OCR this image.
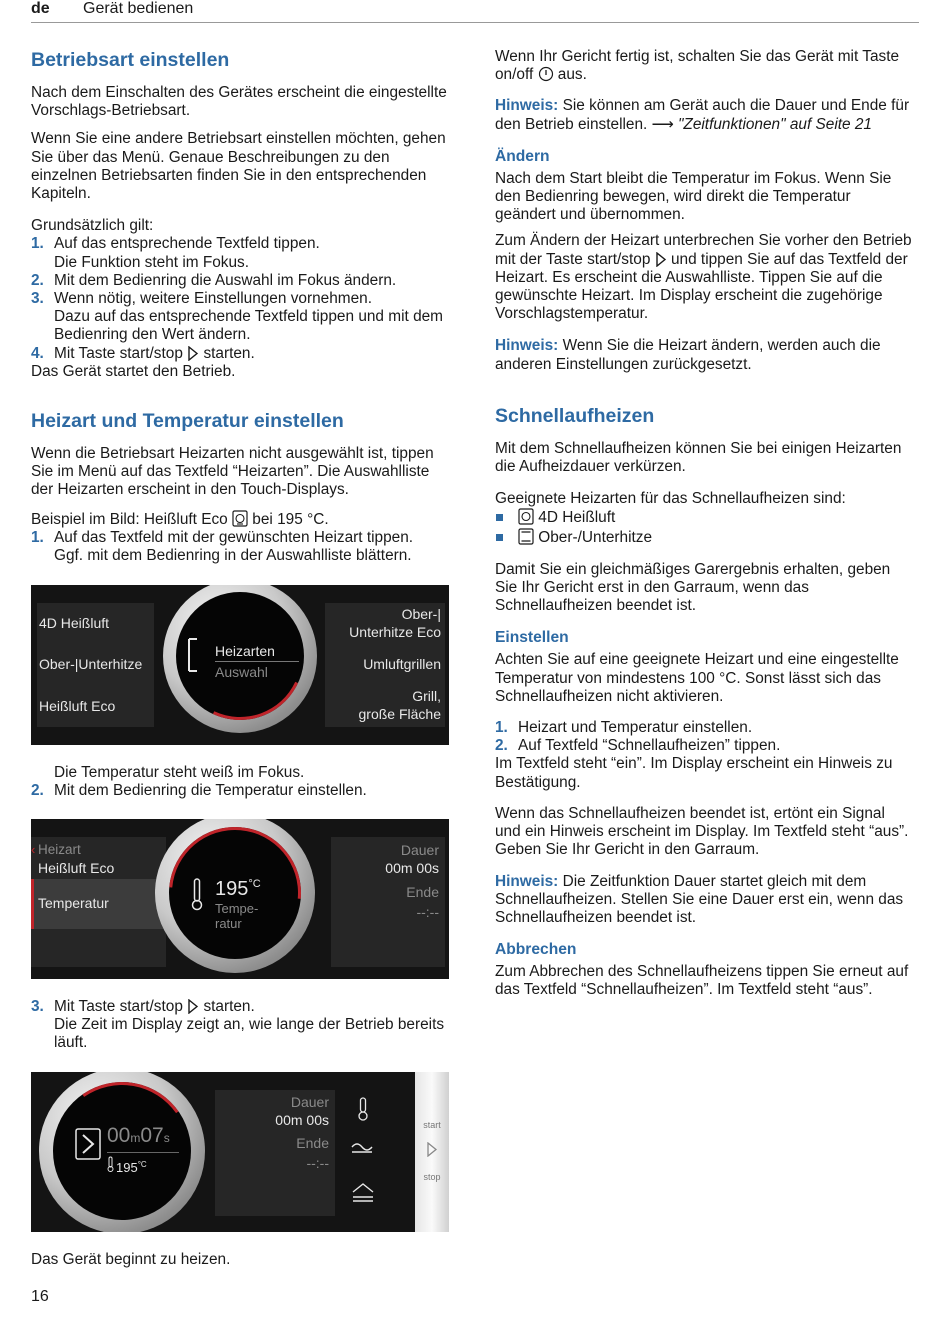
de Gerät bedienen
Betriebsart einstellen

Nach dem Einschalten des Gerätes erscheint die eingestellte Vorschlags-Betriebsart.

Wenn Sie eine andere Betriebsart einstellen möchten, gehen Sie über das Menü. Genaue Beschreibungen zu den einzelnen Betriebsarten finden Sie in den entsprechenden Kapiteln.

Grundsätzlich gilt:
1. Auf das entsprechende Textfeld tippen.
Die Funktion steht im Fokus.
2. Mit dem Bedienring die Auswahl im Fokus ändern.
3. Wenn nötig, weitere Einstellungen vornehmen.
Dazu auf das entsprechende Textfeld tippen und mit dem Bedienring den Wert ändern.
4. Mit Taste start/stop starten.

Das Gerät startet den Betrieb.

Heizart und Temperatur einstellen

Wenn die Betriebsart Heizarten nicht ausgewählt ist, tippen Sie im Menü auf das Textfeld “Heizarten”. Die Auswahlliste der Heizarten erscheint in den Touch-Displays.

Beispiel im Bild: Heißluft Eco bei 195 °C.
1. Auf das Textfeld mit der gewünschten Heizart tippen.
Ggf. mit dem Bedienring in der Auswahlliste blättern.
4D Heißluft
Ober-|Unterhitze
Heißluft Eco
Ober-|
Unterhitze Eco
Umluftgrillen
Grill,
große Fläche
Heizarten
Auswahl
Die Temperatur steht weiß im Fokus.
2. Mit dem Bedienring die Temperatur einstellen.
‹ Heizart
Heißluft Eco
Temperatur
Dauer
00m 00s
Ende
--:--
$195^{^\circ C}$
Tempe-
ratur
3. Mit Taste start/stop starten.
Die Zeit im Display zeigt an, wie lange der Betrieb bereits läuft.
00m07s
$195^{^\circ C}$
Dauer
00m 00s
Ende
--:--
start
stop
Das Gerät beginnt zu heizen.

Wenn Ihr Gericht fertig ist, schalten Sie das Gerät mit Taste on/off aus.

Hinweis: Sie können am Gerät auch die Dauer und Ende für den Betrieb einstellen. ⟶ "Zeitfunktionen" auf Seite 21

Ändern

Nach dem Start bleibt die Temperatur im Fokus. Wenn Sie den Bedienring bewegen, wird direkt die Temperatur geändert und übernommen.

Zum Ändern der Heizart unterbrechen Sie vorher den Betrieb mit der Taste start/stop und tippen Sie auf das Textfeld der Heizart. Es erscheint die Auswahlliste. Tippen Sie auf die gewünschte Heizart. Im Display erscheint die zugehörige Vorschlagstemperatur.

Hinweis: Wenn Sie die Heizart ändern, werden auch die anderen Einstellungen zurückgesetzt.

Schnellaufheizen

Mit dem Schnellaufheizen können Sie bei einigen Heizarten die Aufheizdauer verkürzen.

Geeignete Heizarten für das Schnellaufheizen sind:
4D Heißluft
Ober-/Unterhitze

Damit Sie ein gleichmäßiges Garergebnis erhalten, geben Sie Ihr Gericht erst in den Garraum, wenn das Schnellaufheizen beendet ist.

Einstellen

Achten Sie auf eine geeignete Heizart und eine eingestellte Temperatur von mindestens 100 °C. Sonst lässt sich das Schnellaufheizen nicht aktivieren.

1. Heizart und Temperatur einstellen.
2. Auf Textfeld “Schnellaufheizen” tippen.

Im Textfeld steht “ein”. Im Display erscheint ein Hinweis zu Bestätigung.

Wenn das Schnellaufheizen beendet ist, ertönt ein Signal und ein Hinweis erscheint im Display. Im Textfeld steht “aus”. Geben Sie Ihr Gericht in den Garraum.

Hinweis: Die Zeitfunktion Dauer startet gleich mit dem Schnellaufheizen. Stellen Sie eine Dauer erst ein, wenn das Schnellaufheizen beendet ist.

Abbrechen

Zum Abbrechen des Schnellaufheizens tippen Sie erneut auf das Textfeld “Schnellaufheizen”. Im Textfeld steht “aus”.

16
